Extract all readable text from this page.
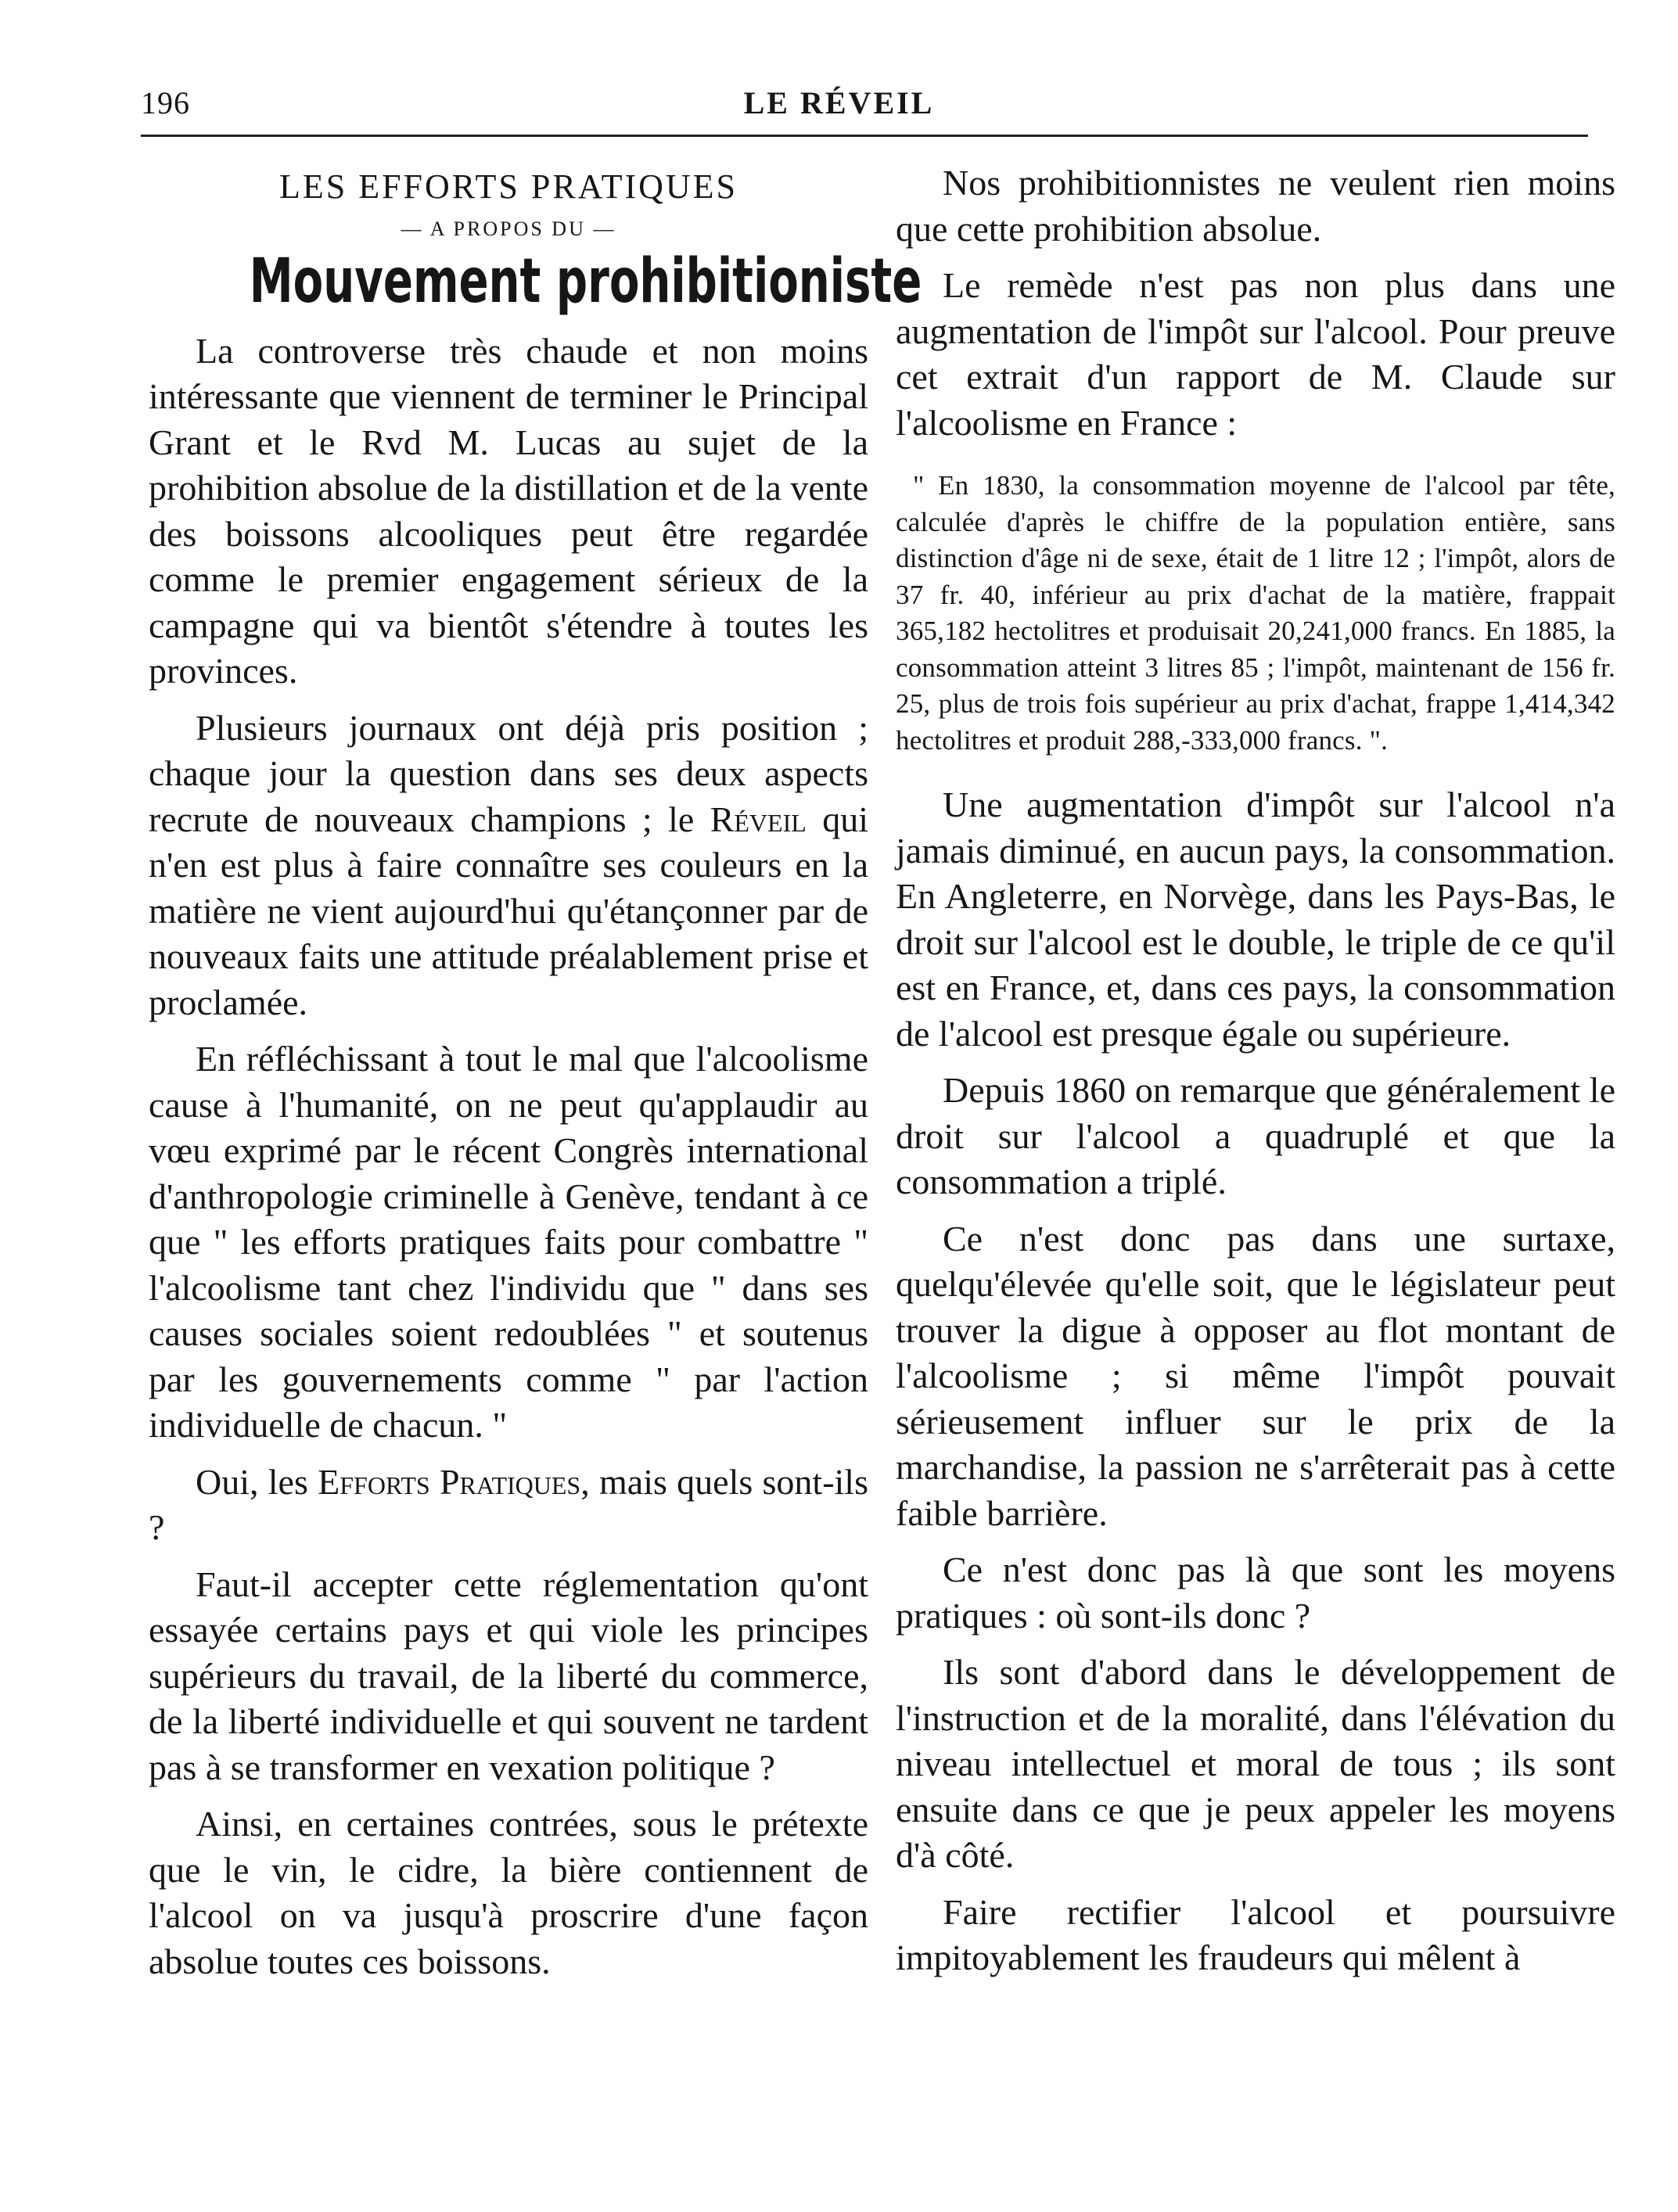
196	LE RÉVEIL
LES EFFORTS PRATIQUES
— A PROPOS DU —
Mouvement prohibitioniste

La controverse très chaude et non moins intéressante que viennent de terminer le Principal Grant et le Rvd M. Lucas au sujet de la prohibition absolue de la distillation et de la vente des boissons alcooliques peut être regardée comme le premier engagement sérieux de la campagne qui va bientôt s'étendre à toutes les provinces.

Plusieurs journaux ont déjà pris position ; chaque jour la question dans ses deux aspects recrute de nouveaux champions ; le Réveil qui n'en est plus à faire connaître ses couleurs en la matière ne vient aujourd'hui qu'étançonner par de nouveaux faits une attitude préalablement prise et proclamée.

En réfléchissant à tout le mal que l'alcoolisme cause à l'humanité, on ne peut qu'applaudir au vœu exprimé par le récent Congrès international d'anthropologie criminelle à Genève, tendant à ce que " les efforts pratiques faits pour combattre " l'alcoolisme tant chez l'individu que " dans ses causes sociales soient redoublées " et soutenus par les gouvernements comme " par l'action individuelle de chacun. "

Oui, les Efforts Pratiques, mais quels sont-ils ?

Faut-il accepter cette réglementation qu'ont essayée certains pays et qui viole les principes supérieurs du travail, de la liberté du commerce, de la liberté individuelle et qui souvent ne tardent pas à se transformer en vexation politique ?

Ainsi, en certaines contrées, sous le prétexte que le vin, le cidre, la bière contiennent de l'alcool on va jusqu'à proscrire d'une façon absolue toutes ces boissons.

Nos prohibitionnistes ne veulent rien moins que cette prohibition absolue.

Le remède n'est pas non plus dans une augmentation de l'impôt sur l'alcool. Pour preuve cet extrait d'un rapport de M. Claude sur l'alcoolisme en France :

" En 1830, la consommation moyenne de l'alcool par tête, calculée d'après le chiffre de la population entière, sans distinction d'âge ni de sexe, était de 1 litre 12 ; l'impôt, alors de 37 fr. 40, inférieur au prix d'achat de la matière, frappait 365,182 hectolitres et produisait 20,241,000 francs. En 1885, la consommation atteint 3 litres 85 ; l'impôt, maintenant de 156 fr. 25, plus de trois fois supérieur au prix d'achat, frappe 1,414,342 hectolitres et produit 288,-333,000 francs. ".

Une augmentation d'impôt sur l'alcool n'a jamais diminué, en aucun pays, la consommation. En Angleterre, en Norvège, dans les Pays-Bas, le droit sur l'alcool est le double, le triple de ce qu'il est en France, et, dans ces pays, la consommation de l'alcool est presque égale ou supérieure.

Depuis 1860 on remarque que généralement le droit sur l'alcool a quadruplé et que la consommation a triplé.

Ce n'est donc pas dans une surtaxe, quelqu'élevée qu'elle soit, que le législateur peut trouver la digue à opposer au flot montant de l'alcoolisme ; si même l'impôt pouvait sérieusement influer sur le prix de la marchandise, la passion ne s'arrêterait pas à cette faible barrière.

Ce n'est donc pas là que sont les moyens pratiques : où sont-ils donc ?

Ils sont d'abord dans le développement de l'instruction et de la moralité, dans l'élévation du niveau intellectuel et moral de tous ; ils sont ensuite dans ce que je peux appeler les moyens d'à côté.

Faire rectifier l'alcool et poursuivre impitoyablement les fraudeurs qui mêlent à
